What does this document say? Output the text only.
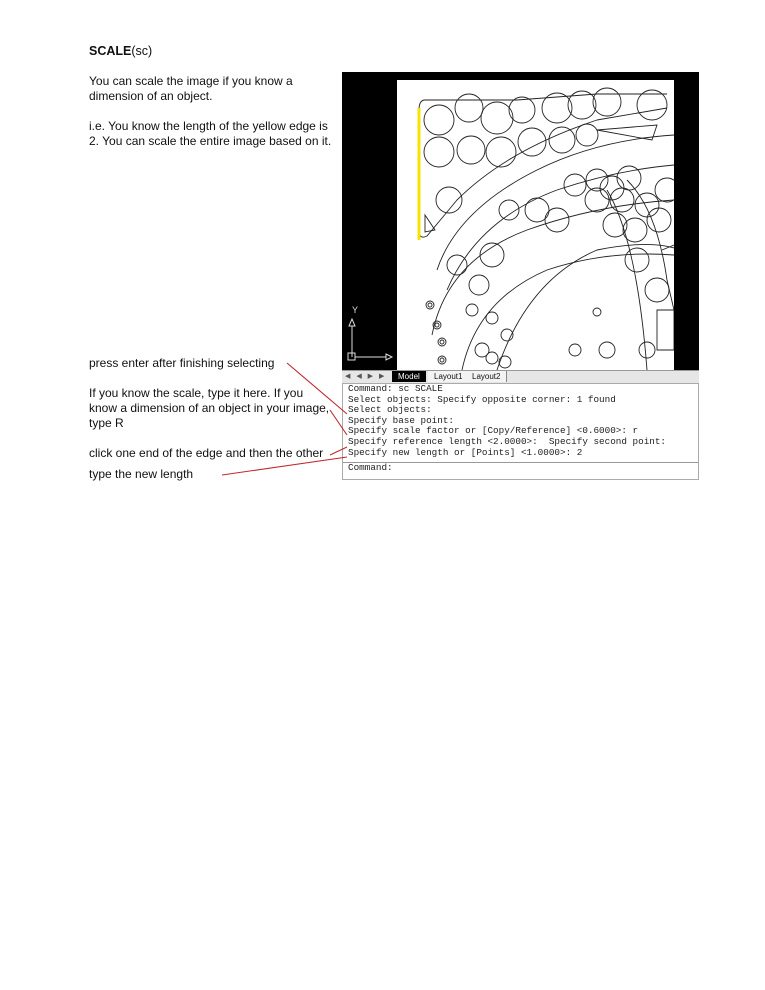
SCALE(sc)
You can scale the image if you know a
dimension of an object.
i.e. You know the length of the yellow edge is
2. You can scale the entire image based on it.
press enter after finishing selecting
If you know the scale, type it here. If you
know a dimension of an object in your image,
type R
click one end of the edge and then the other
type the new length
Y
◀ ◀ ▶ ▶	Model	Layout1	Layout2
Command: sc SCALE
Select objects: Specify opposite corner: 1 found
Select objects:
Specify base point:
Specify scale factor or [Copy/Reference] <0.6000>: r
Specify reference length <2.0000>:  Specify second point:
Specify new length or [Points] <1.0000>: 2
Command:
